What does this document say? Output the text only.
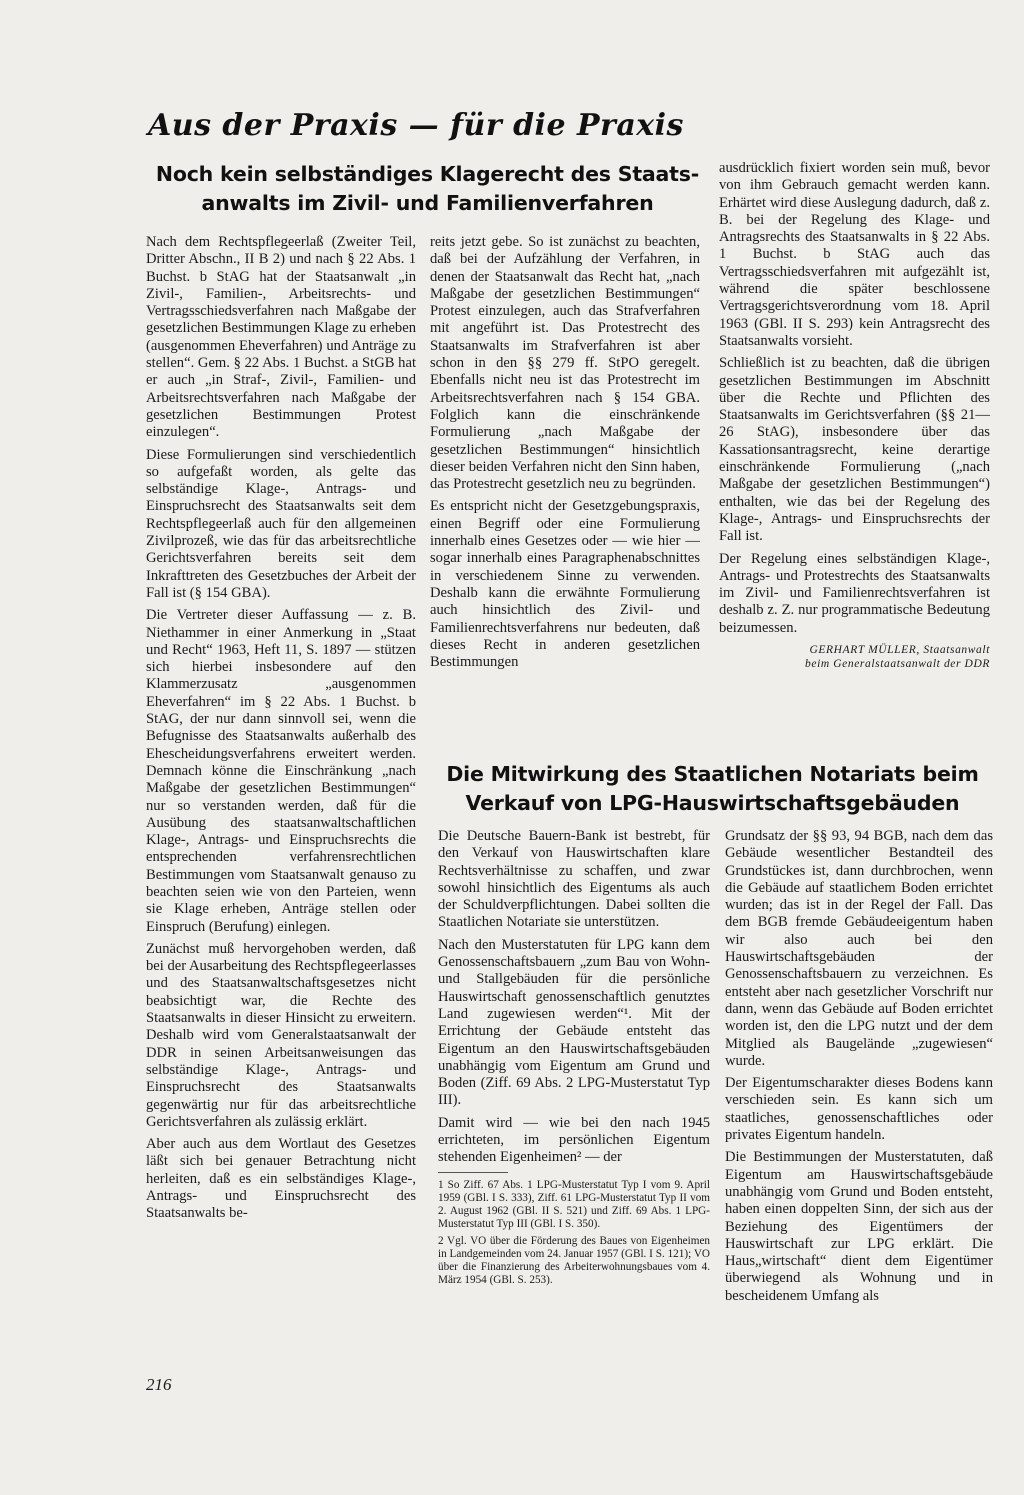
Aus der Praxis — für die Praxis
Noch kein selbständiges Klagerecht des Staats-
anwalts im Zivil- und Familienverfahren

Nach dem Rechtspflegeerlaß (Zweiter Teil, Dritter Abschn., II B 2) und nach § 22 Abs. 1 Buchst. b StAG hat der Staatsanwalt „in Zivil-, Familien-, Arbeitsrechts- und Vertragsschiedsverfahren nach Maßgabe der gesetzlichen Bestimmungen Klage zu erheben (ausgenommen Eheverfahren) und Anträge zu stellen“. Gem. § 22 Abs. 1 Buchst. a StGB hat er auch „in Straf-, Zivil-, Familien- und Arbeitsrechtsverfahren nach Maßgabe der gesetzlichen Bestimmungen Protest einzulegen“.

Diese Formulierungen sind verschiedentlich so aufgefaßt worden, als gelte das selbständige Klage-, Antrags- und Einspruchsrecht des Staatsanwalts seit dem Rechtspflegeerlaß auch für den allgemeinen Zivilprozeß, wie das für das arbeitsrechtliche Gerichtsverfahren bereits seit dem Inkrafttreten des Gesetzbuches der Arbeit der Fall ist (§ 154 GBA).

Die Vertreter dieser Auffassung — z. B. Niethammer in einer Anmerkung in „Staat und Recht“ 1963, Heft 11, S. 1897 — stützen sich hierbei insbesondere auf den Klammerzusatz „ausgenommen Eheverfahren“ im § 22 Abs. 1 Buchst. b StAG, der nur dann sinnvoll sei, wenn die Befugnisse des Staatsanwalts außerhalb des Ehescheidungsverfahrens erweitert werden. Demnach könne die Einschränkung „nach Maßgabe der gesetzlichen Bestimmungen“ nur so verstanden werden, daß für die Ausübung des staatsanwaltschaftlichen Klage-, Antrags- und Einspruchsrechts die entsprechenden verfahrensrechtlichen Bestimmungen vom Staatsanwalt genauso zu beachten seien wie von den Parteien, wenn sie Klage erheben, Anträge stellen oder Einspruch (Berufung) einlegen.

Zunächst muß hervorgehoben werden, daß bei der Ausarbeitung des Rechtspflegeerlasses und des Staatsanwaltschaftsgesetzes nicht beabsichtigt war, die Rechte des Staatsanwalts in dieser Hinsicht zu erweitern. Deshalb wird vom Generalstaatsanwalt der DDR in seinen Arbeitsanweisungen das selbständige Klage-, Antrags- und Einspruchsrecht des Staatsanwalts gegenwärtig nur für das arbeitsrechtliche Gerichtsverfahren als zulässig erklärt.

Aber auch aus dem Wortlaut des Gesetzes läßt sich bei genauer Betrachtung nicht herleiten, daß es ein selbständiges Klage-, Antrags- und Einspruchsrecht des Staatsanwalts be-

reits jetzt gebe. So ist zunächst zu beachten, daß bei der Aufzählung der Verfahren, in denen der Staatsanwalt das Recht hat, „nach Maßgabe der gesetzlichen Bestimmungen“ Protest einzulegen, auch das Strafverfahren mit angeführt ist. Das Protestrecht des Staatsanwalts im Strafverfahren ist aber schon in den §§ 279 ff. StPO geregelt. Ebenfalls nicht neu ist das Protestrecht im Arbeitsrechtsverfahren nach § 154 GBA. Folglich kann die einschränkende Formulierung „nach Maßgabe der gesetzlichen Bestimmungen“ hinsichtlich dieser beiden Verfahren nicht den Sinn haben, das Protestrecht gesetzlich neu zu begründen.

Es entspricht nicht der Gesetzgebungspraxis, einen Begriff oder eine Formulierung innerhalb eines Gesetzes oder — wie hier — sogar innerhalb eines Paragraphenabschnittes in verschiedenem Sinne zu verwenden. Deshalb kann die erwähnte Formulierung auch hinsichtlich des Zivil- und Familienrechtsverfahrens nur bedeuten, daß dieses Recht in anderen gesetzlichen Bestimmungen

ausdrücklich fixiert worden sein muß, bevor von ihm Gebrauch gemacht werden kann. Erhärtet wird diese Auslegung dadurch, daß z. B. bei der Regelung des Klage- und Antragsrechts des Staatsanwalts in § 22 Abs. 1 Buchst. b StAG auch das Vertragsschiedsverfahren mit aufgezählt ist, während die später beschlossene Vertragsgerichtsverordnung vom 18. April 1963 (GBl. II S. 293) kein Antragsrecht des Staatsanwalts vorsieht.

Schließlich ist zu beachten, daß die übrigen gesetzlichen Bestimmungen im Abschnitt über die Rechte und Pflichten des Staatsanwalts im Gerichtsverfahren (§§ 21—26 StAG), insbesondere über das Kassationsantragsrecht, keine derartige einschränkende Formulierung („nach Maßgabe der gesetzlichen Bestimmungen“) enthalten, wie das bei der Regelung des Klage-, Antrags- und Einspruchsrechts der Fall ist.

Der Regelung eines selbständigen Klage-, Antrags- und Protestrechts des Staatsanwalts im Zivil- und Familienrechtsverfahren ist deshalb z. Z. nur programmatische Bedeutung beizumessen.

GERHART MÜLLER, Staatsanwalt
beim Generalstaatsanwalt der DDR
Die Mitwirkung des Staatlichen Notariats beim
Verkauf von LPG-Hauswirtschaftsgebäuden

Die Deutsche Bauern-Bank ist bestrebt, für den Verkauf von Hauswirtschaften klare Rechtsverhältnisse zu schaffen, und zwar sowohl hinsichtlich des Eigentums als auch der Schuldverpflichtungen. Dabei sollten die Staatlichen Notariate sie unterstützen.

Nach den Musterstatuten für LPG kann dem Genossenschaftsbauern „zum Bau von Wohn- und Stallgebäuden für die persönliche Hauswirtschaft genossenschaftlich genutztes Land zugewiesen werden“¹. Mit der Errichtung der Gebäude entsteht das Eigentum an den Hauswirtschaftsgebäuden unabhängig vom Eigentum am Grund und Boden (Ziff. 69 Abs. 2 LPG-Musterstatut Typ III).

Damit wird — wie bei den nach 1945 errichteten, im persönlichen Eigentum stehenden Eigenheimen² — der

1 So Ziff. 67 Abs. 1 LPG-Musterstatut Typ I vom 9. April 1959 (GBl. I S. 333), Ziff. 61 LPG-Musterstatut Typ II vom 2. August 1962 (GBl. II S. 521) und Ziff. 69 Abs. 1 LPG-Musterstatut Typ III (GBl. I S. 350).

2 Vgl. VO über die Förderung des Baues von Eigenheimen in Landgemeinden vom 24. Januar 1957 (GBl. I S. 121); VO über die Finanzierung des Arbeiterwohnungsbaues vom 4. März 1954 (GBl. S. 253).

Grundsatz der §§ 93, 94 BGB, nach dem das Gebäude wesentlicher Bestandteil des Grundstückes ist, dann durchbrochen, wenn die Gebäude auf staatlichem Boden errichtet wurden; das ist in der Regel der Fall. Das dem BGB fremde Gebäudeeigentum haben wir also auch bei den Hauswirtschaftsgebäuden der Genossenschaftsbauern zu verzeichnen. Es entsteht aber nach gesetzlicher Vorschrift nur dann, wenn das Gebäude auf Boden errichtet worden ist, den die LPG nutzt und der dem Mitglied als Baugelände „zugewiesen“ wurde.

Der Eigentumscharakter dieses Bodens kann verschieden sein. Es kann sich um staatliches, genossenschaftliches oder privates Eigentum handeln.

Die Bestimmungen der Musterstatuten, daß Eigentum am Hauswirtschaftsgebäude unabhängig vom Grund und Boden entsteht, haben einen doppelten Sinn, der sich aus der Beziehung des Eigentümers der Hauswirtschaft zur LPG erklärt. Die Haus„wirtschaft“ dient dem Eigentümer überwiegend als Wohnung und in bescheidenem Umfang als

216
